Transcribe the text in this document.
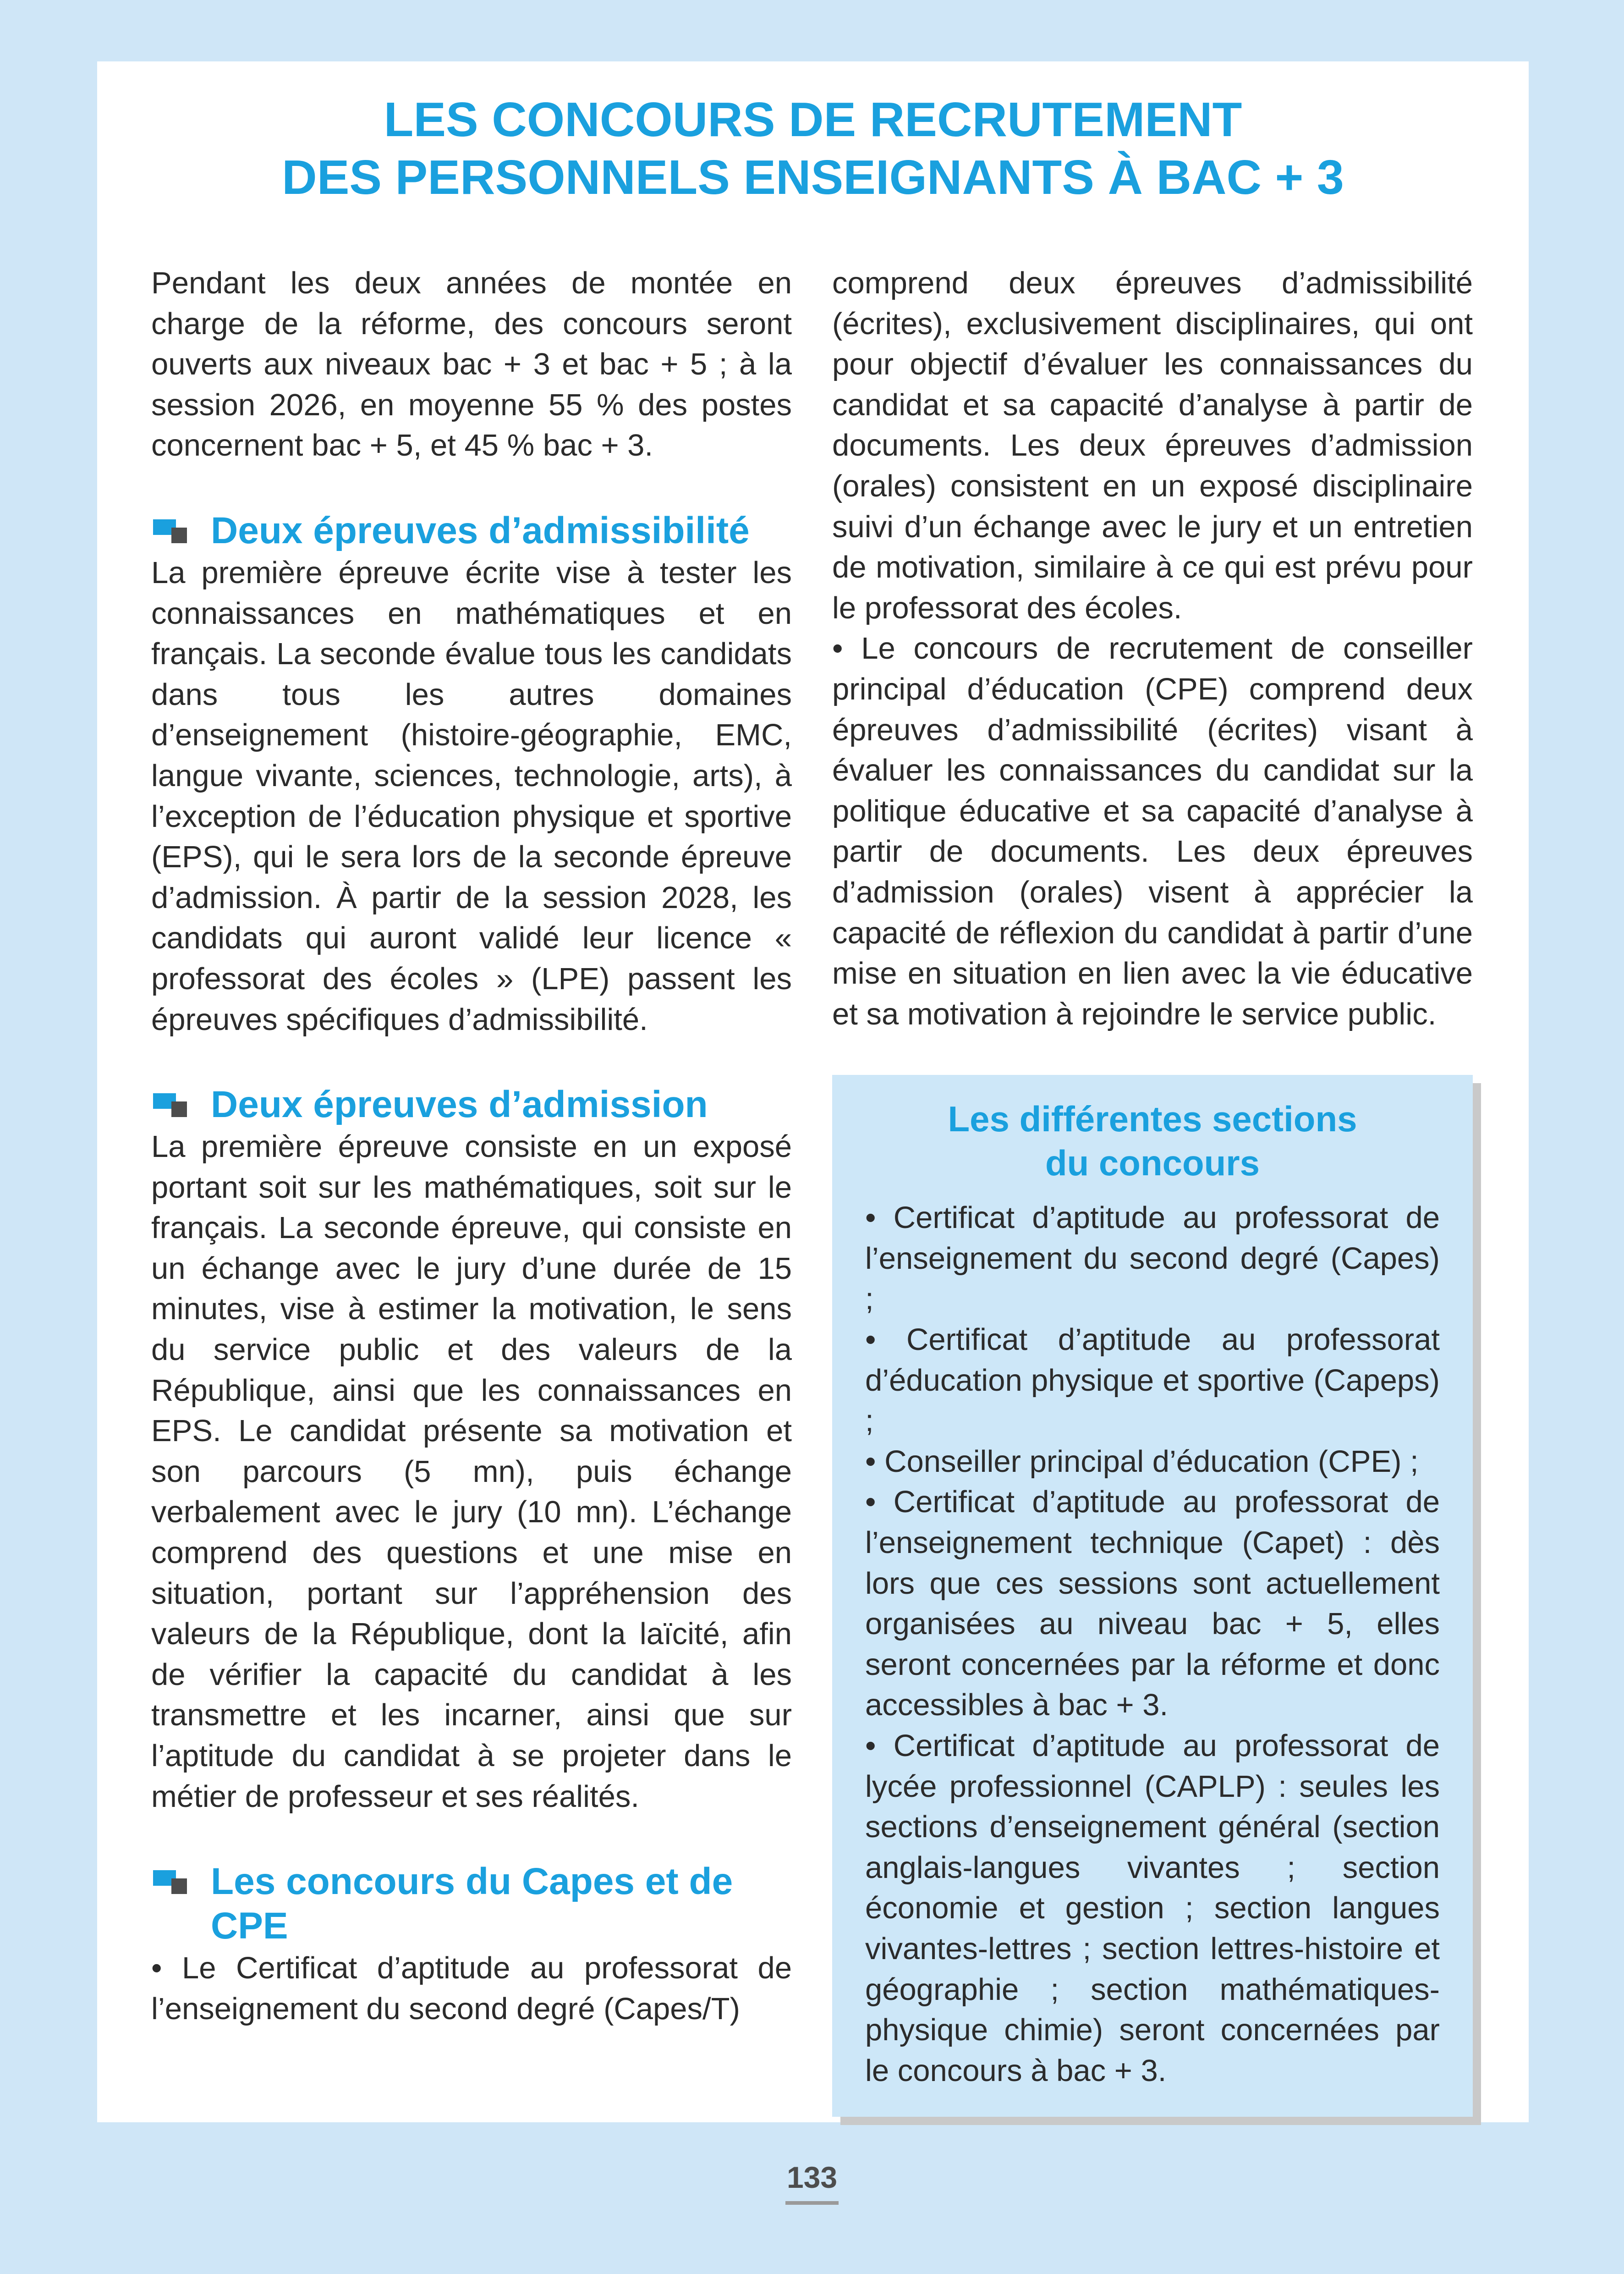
LES CONCOURS DE RECRUTEMENT
DES PERSONNELS ENSEIGNANTS À BAC + 3

Pendant les deux années de montée en charge de la réforme, des concours seront ouverts aux niveaux bac + 3 et bac + 5 ; à la session 2026, en moyenne 55 % des postes concernent bac + 5, et 45 % bac + 3.

Deux épreuves d’admissibilité

La première épreuve écrite vise à tester les connaissances en mathématiques et en français. La seconde évalue tous les candidats dans tous les autres domaines d’enseignement (histoire-géographie, EMC, langue vivante, sciences, technologie, arts), à l’exception de l’éducation physique et sportive (EPS), qui le sera lors de la seconde épreuve d’admission. À partir de la session 2028, les candidats qui auront validé leur licence « professorat des écoles » (LPE) passent les épreuves spécifiques d’admissibilité.

Deux épreuves d’admission

La première épreuve consiste en un exposé portant soit sur les mathématiques, soit sur le français. La seconde épreuve, qui consiste en un échange avec le jury d’une durée de 15 minutes, vise à estimer la motivation, le sens du service public et des valeurs de la République, ainsi que les connaissances en EPS. Le candidat présente sa motivation et son parcours (5 mn), puis échange verbalement avec le jury (10 mn). L’échange comprend des questions et une mise en situation, portant sur l’appréhension des valeurs de la République, dont la laïcité, afin de vérifier la capacité du candidat à les transmettre et les incarner, ainsi que sur l’aptitude du candidat à se projeter dans le métier de professeur et ses réalités.

Les concours du Capes et de CPE

• Le Certificat d’aptitude au professorat de l’enseignement du second degré (Capes/T)

comprend deux épreuves d’admissibilité (écrites), exclusivement disciplinaires, qui ont pour objectif d’évaluer les connaissances du candidat et sa capacité d’analyse à partir de documents. Les deux épreuves d’admission (orales) consistent en un exposé disciplinaire suivi d’un échange avec le jury et un entretien de motivation, similaire à ce qui est prévu pour le professorat des écoles.

• Le concours de recrutement de conseiller principal d’éducation (CPE) comprend deux épreuves d’admissibilité (écrites) visant à évaluer les connaissances du candidat sur la politique éducative et sa capacité d’analyse à partir de documents. Les deux épreuves d’admission (orales) visent à apprécier la capacité de réflexion du candidat à partir d’une mise en situation en lien avec la vie éducative et sa motivation à rejoindre le service public.

Les différentes sections
du concours

• Certificat d’aptitude au professorat de l’enseignement du second degré (Capes) ;

• Certificat d’aptitude au professorat d’éducation physique et sportive (Capeps) ;

• Conseiller principal d’éducation (CPE) ;

• Certificat d’aptitude au professorat de l’enseignement technique (Capet) : dès lors que ces sessions sont actuellement organisées au niveau bac + 5, elles seront concernées par la réforme et donc accessibles à bac + 3.

• Certificat d’aptitude au professorat de lycée professionnel (CAPLP) : seules les sections d’enseignement général (section anglais-langues vivantes ; section économie et gestion ; section langues vivantes-lettres ; section lettres-histoire et géographie ; section mathématiques-physique chimie) seront concernées par le concours à bac + 3.

133
